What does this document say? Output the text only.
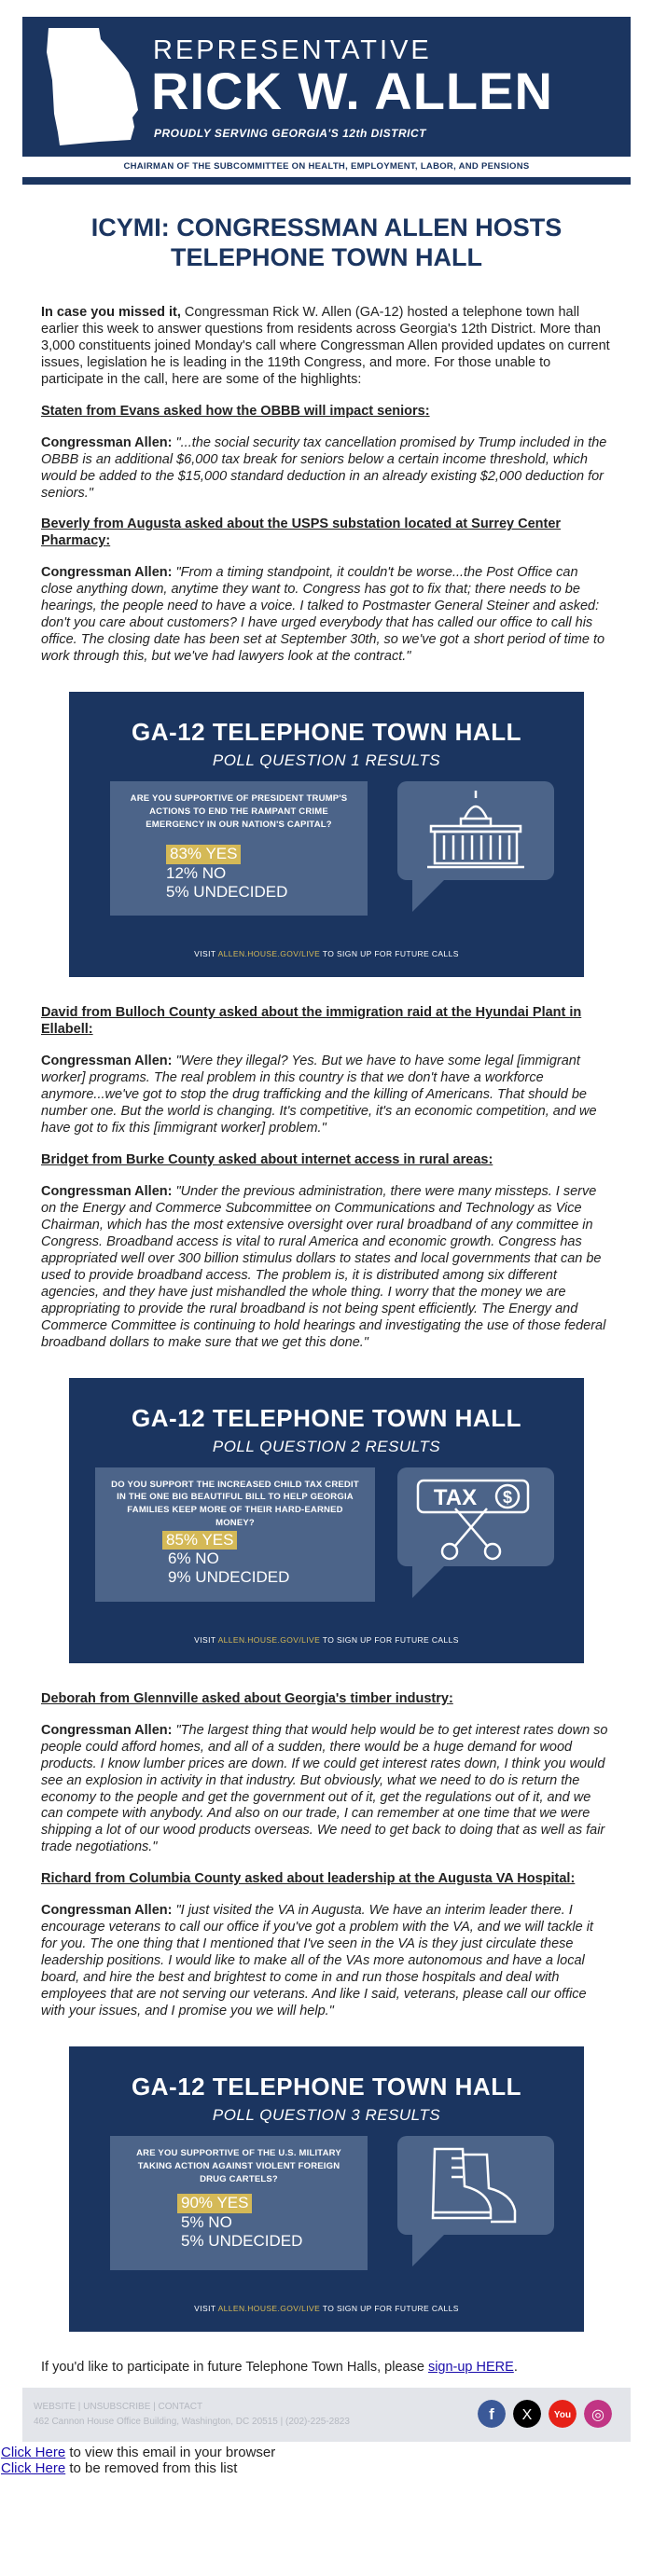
REPRESENTATIVE
RICK W. ALLEN
PROUDLY SERVING GEORGIA'S 12th DISTRICT
CHAIRMAN OF THE SUBCOMMITTEE ON HEALTH, EMPLOYMENT, LABOR, AND PENSIONS
ICYMI: CONGRESSMAN ALLEN HOSTS TELEPHONE TOWN HALL

In case you missed it, Congressman Rick W. Allen (GA-12) hosted a telephone town hall earlier this week to answer questions from residents across Georgia's 12th District. More than 3,000 constituents joined Monday's call where Congressman Allen provided updates on current issues, legislation he is leading in the 119th Congress, and more. For those unable to participate in the call, here are some of the highlights:

Staten from Evans asked how the OBBB will impact seniors:

Congressman Allen: "...the social security tax cancellation promised by Trump included in the OBBB is an additional $6,000 tax break for seniors below a certain income threshold, which would be added to the $15,000 standard deduction in an already existing $2,000 deduction for seniors."

Beverly from Augusta asked about the USPS substation located at Surrey Center Pharmacy:

Congressman Allen: "From a timing standpoint, it couldn't be worse...the Post Office can close anything down, anytime they want to. Congress has got to fix that; there needs to be hearings, the people need to have a voice. I talked to Postmaster General Steiner and asked: don't you care about customers? I have urged everybody that has called our office to call his office. The closing date has been set at September 30th, so we've got a short period of time to work through this, but we've had lawyers look at the contract."

GA-12 TELEPHONE TOWN HALL
POLL QUESTION 1 RESULTS
ARE YOU SUPPORTIVE OF PRESIDENT TRUMP'S ACTIONS TO END THE RAMPANT CRIME EMERGENCY IN OUR NATION'S CAPITAL?
83% YES
12% NO
5% UNDECIDED
VISIT ALLEN.HOUSE.GOV/LIVE TO SIGN UP FOR FUTURE CALLS

David from Bulloch County asked about the immigration raid at the Hyundai Plant in Ellabell:

Congressman Allen: "Were they illegal? Yes. But we have to have some legal [immigrant worker] programs. The real problem in this country is that we don't have a workforce anymore...we've got to stop the drug trafficking and the killing of Americans. That should be number one. But the world is changing. It's competitive, it's an economic competition, and we have got to fix this [immigrant worker] problem."

Bridget from Burke County asked about internet access in rural areas:

Congressman Allen: "Under the previous administration, there were many missteps. I serve on the Energy and Commerce Subcommittee on Communications and Technology as Vice Chairman, which has the most extensive oversight over rural broadband of any committee in Congress. Broadband access is vital to rural America and economic growth. Congress has appropriated well over 300 billion stimulus dollars to states and local governments that can be used to provide broadband access. The problem is, it is distributed among six different agencies, and they have just mishandled the whole thing. I worry that the money we are appropriating to provide the rural broadband is not being spent efficiently. The Energy and Commerce Committee is continuing to hold hearings and investigating the use of those federal broadband dollars to make sure that we get this done."

GA-12 TELEPHONE TOWN HALL
POLL QUESTION 2 RESULTS
DO YOU SUPPORT THE INCREASED CHILD TAX CREDIT IN THE ONE BIG BEAUTIFUL BILL TO HELP GEORGIA FAMILIES KEEP MORE OF THEIR HARD-EARNED MONEY?
85% YES
6% NO
9% UNDECIDED
TAX $
VISIT ALLEN.HOUSE.GOV/LIVE TO SIGN UP FOR FUTURE CALLS

Deborah from Glennville asked about Georgia's timber industry:

Congressman Allen: "The largest thing that would help would be to get interest rates down so people could afford homes, and all of a sudden, there would be a huge demand for wood products. I know lumber prices are down. If we could get interest rates down, I think you would see an explosion in activity in that industry. But obviously, what we need to do is return the economy to the people and get the government out of it, get the regulations out of it, and we can compete with anybody. And also on our trade, I can remember at one time that we were shipping a lot of our wood products overseas. We need to get back to doing that as well as fair trade negotiations."

Richard from Columbia County asked about leadership at the Augusta VA Hospital:

Congressman Allen: "I just visited the VA in Augusta. We have an interim leader there. I encourage veterans to call our office if you've got a problem with the VA, and we will tackle it for you. The one thing that I mentioned that I've seen in the VA is they just circulate these leadership positions. I would like to make all of the VAs more autonomous and have a local board, and hire the best and brightest to come in and run those hospitals and deal with employees that are not serving our veterans. And like I said, veterans, please call our office with your issues, and I promise you we will help."

GA-12 TELEPHONE TOWN HALL
POLL QUESTION 3 RESULTS
ARE YOU SUPPORTIVE OF THE U.S. MILITARY TAKING ACTION AGAINST VIOLENT FOREIGN DRUG CARTELS?
90% YES
5% NO
5% UNDECIDED
VISIT ALLEN.HOUSE.GOV/LIVE TO SIGN UP FOR FUTURE CALLS
If you'd like to participate in future Telephone Town Halls, please sign-up HERE.
WEBSITE | UNSUBSCRIBE | CONTACT
462 Cannon House Office Building, Washington, DC 20515 | (202)-225-2823	f X You ◎
Click Here to view this email in your browser
Click Here to be removed from this list
